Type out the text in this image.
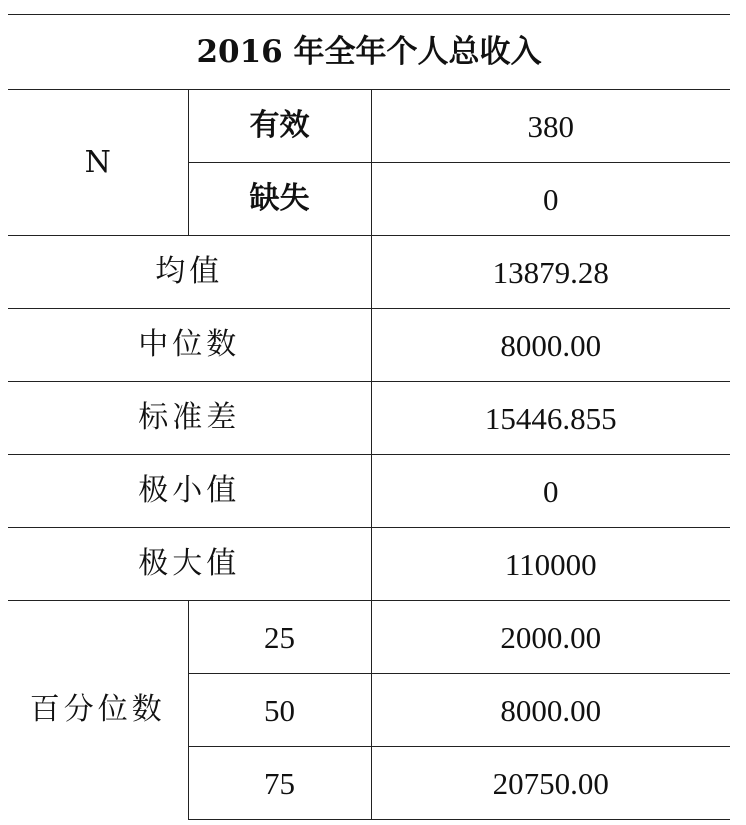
2016 年全年个人总收入		
N	有效	380
	缺失	0
均值		13879.28
中位数		8000.00
标准差		15446.855
极小值		0
极大值		110000
百分位数	25	2000.00
	50	8000.00
	75	20750.00
